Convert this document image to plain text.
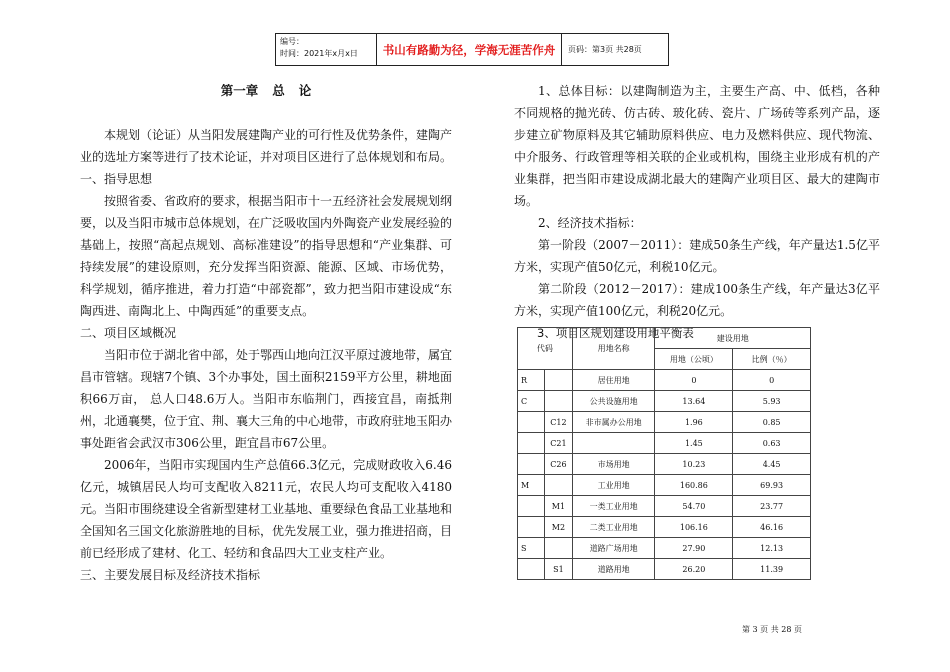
编号：
时间：2021年x月x日	书山有路勤为径，学海无涯苦作舟	页码：第3页 共28页
第一章 总 论

本规划（论证）从当阳发展建陶产业的可行性及优势条件，建陶产业的选址方案等进行了技术论证，并对项目区进行了总体规划和布局。

一、指导思想

按照省委、省政府的要求，根据当阳市十一五经济社会发展规划纲要，以及当阳市城市总体规划，在广泛吸收国内外陶瓷产业发展经验的基础上，按照“高起点规划、高标准建设”的指导思想和“产业集群、可持续发展”的建设原则，充分发挥当阳资源、能源、区域、市场优势，科学规划，循序推进，着力打造“中部瓷都”，致力把当阳市建设成“东陶西进、南陶北上、中陶西延”的重要支点。

二、项目区域概况

当阳市位于湖北省中部，处于鄂西山地向江汉平原过渡地带，属宜昌市管辖。现辖7个镇、3个办事处，国土面积2159平方公里，耕地面积66万亩， 总人口48.6万人。当阳市东临荆门，西接宜昌，南抵荆州，北通襄樊，位于宜、荆、襄大三角的中心地带，市政府驻地玉阳办事处距省会武汉市306公里，距宜昌市67公里。

2006年，当阳市实现国内生产总值66.3亿元，完成财政收入6.46亿元，城镇居民人均可支配收入8211元，农民人均可支配收入4180元。当阳市围绕建设全省新型建材工业基地、重要绿色食品工业基地和全国知名三国文化旅游胜地的目标，优先发展工业，强力推进招商，目前已经形成了建材、化工、轻纺和食品四大工业支柱产业。

三、主要发展目标及经济技术指标

1、总体目标：以建陶制造为主，主要生产高、中、低档，各种不同规格的抛光砖、仿古砖、玻化砖、瓷片、广场砖等系列产品，逐步建立矿物原料及其它辅助原料供应、电力及燃料供应、现代物流、中介服务、行政管理等相关联的企业或机构，围绕主业形成有机的产业集群，把当阳市建设成湖北最大的建陶产业项目区、最大的建陶市场。

2、经济技术指标：

第一阶段（2007－2011）：建成50条生产线，年产量达1.5亿平方米，实现产值50亿元，利税10亿元。

第二阶段（2012－2017）：建成100条生产线，年产量达3亿平方米，实现产值100亿元，利税20亿元。

3、项目区规划建设用地平衡表

代码		用地名称	建设用地	
			用地（公顷）	比例（％）
R		居住用地	0	0
C		公共设施用地	13.64	5.93
	C12	非市属办公用地	1.96	0.85
	C21		1.45	0.63
	C26	市场用地	10.23	4.45
M		工业用地	160.86	69.93
	M1	一类工业用地	54.70	23.77
	M2	二类工业用地	106.16	46.16
S		道路广场用地	27.90	12.13
	S1	道路用地	26.20	11.39
第 3 页 共 28 页
